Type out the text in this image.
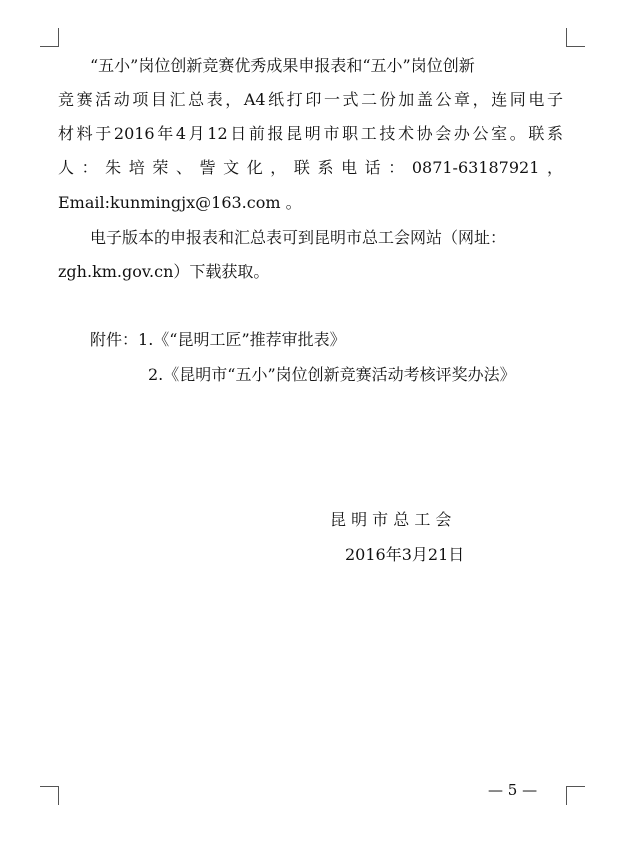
“五小”岗位创新竞赛优秀成果申报表和“五小”岗位创新
竞赛活动项目汇总表，A4纸打印一式二份加盖公章，连同电子
材料于2016年4月12日前报昆明市职工技术协会办公室。联系
人：朱培荣、訾文化，联系电话：0871-63187921，
Email:kunmingjx@163.com 。
电子版本的申报表和汇总表可到昆明市总工会网站（网址：
zgh.km.gov.cn）下载获取。
附件：1.《“昆明工匠”推荐审批表》
2.《昆明市“五小”岗位创新竞赛活动考核评奖办法》
昆 明 市 总 工 会
2016年3月21日
— 5 —
